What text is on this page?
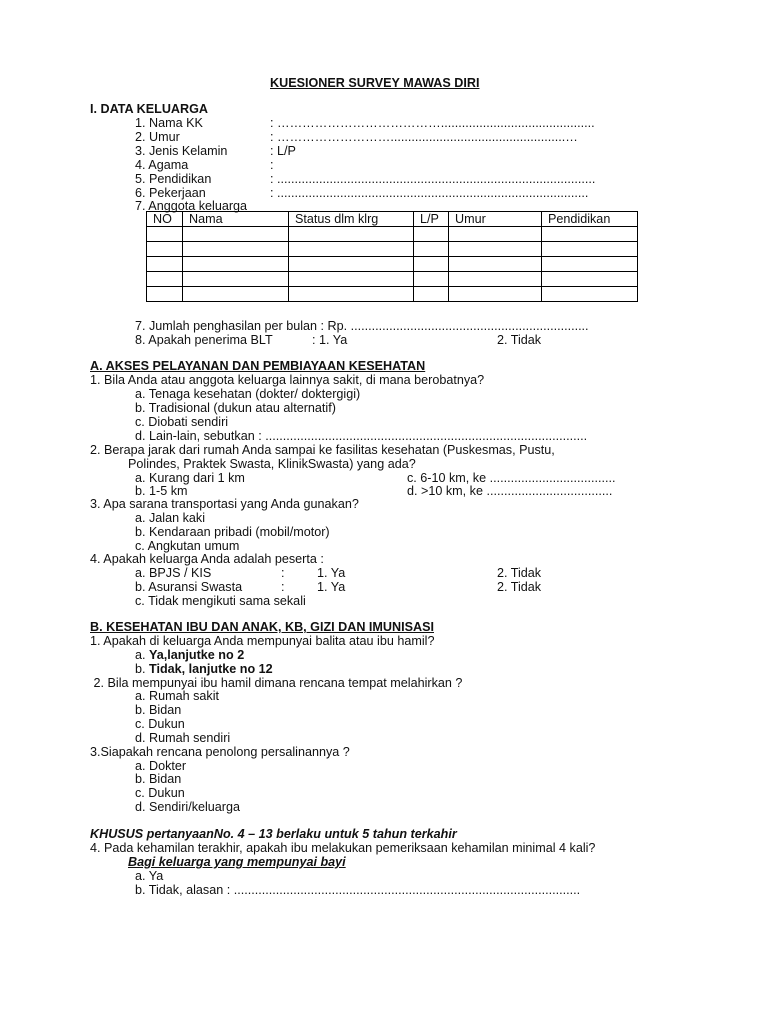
KUESIONER SURVEY MAWAS DIRI
I. DATA KELUARGA
1. Nama KK	: …………………………………............................................
2. Umur	: ………………………..................................................…
3. Jenis Kelamin	: L/P
4. Agama	:
5. Pendidikan	: ...........................................................................................
6. Pekerjaan	: .........................................................................................
7. Anggota keluarga
NO	Nama	Status dlm klrg	L/P	Umur	Pendidikan

7. Jumlah penghasilan per bulan : Rp. ....................................................................
8. Apakah penerima BLT	: 1. Ya	2. Tidak
A. AKSES PELAYANAN DAN PEMBIAYAAN KESEHATAN
1. Bila Anda atau anggota keluarga lainnya sakit, di mana berobatnya?
a. Tenaga kesehatan (dokter/ doktergigi)
b. Tradisional (dukun atau alternatif)
c. Diobati sendiri
d. Lain-lain, sebutkan : ............................................................................................
2. Berapa jarak dari rumah Anda sampai ke fasilitas kesehatan (Puskesmas, Pustu,
Polindes, Praktek Swasta, KlinikSwasta) yang ada?
a. Kurang dari 1 km	c. 6-10 km, ke ....................................
b. 1-5 km	d. >10 km, ke ....................................
3. Apa sarana transportasi yang Anda gunakan?
a. Jalan kaki
b. Kendaraan pribadi (mobil/motor)
c. Angkutan umum
4. Apakah keluarga Anda adalah peserta :
a. BPJS / KIS	:	1. Ya	2. Tidak
b. Asuransi Swasta	:	1. Ya	2. Tidak
c. Tidak mengikuti sama sekali
B. KESEHATAN IBU DAN ANAK, KB, GIZI DAN IMUNISASI
1. Apakah di keluarga Anda mempunyai balita atau ibu hamil?
a. Ya,lanjutke no 2
b. Tidak, lanjutke no 12
2. Bila mempunyai ibu hamil dimana rencana tempat melahirkan ?
a. Rumah sakit
b. Bidan
c. Dukun
d. Rumah sendiri
3.Siapakah rencana penolong persalinannya ?
a. Dokter
b. Bidan
c. Dukun
d. Sendiri/keluarga
KHUSUS pertanyaanNo. 4 – 13 berlaku untuk 5 tahun terkahir
4. Pada kehamilan terakhir, apakah ibu melakukan pemeriksaan kehamilan minimal 4 kali?
Bagi keluarga yang mempunyai bayi
a. Ya
b. Tidak, alasan : ...................................................................................................
